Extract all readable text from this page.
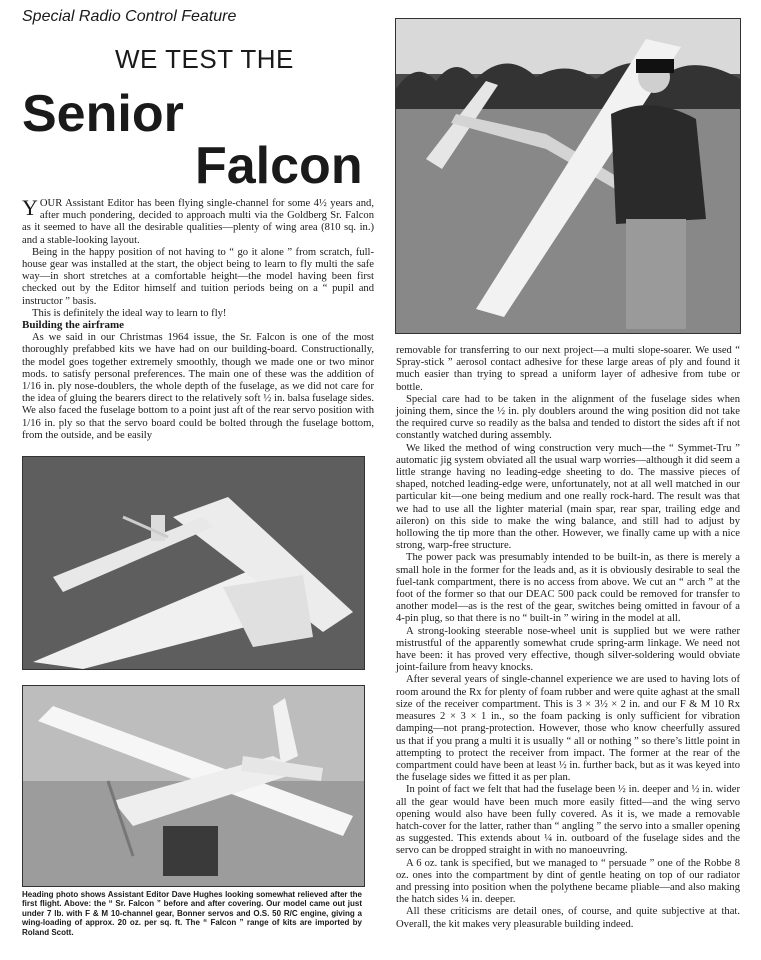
Special Radio Control Feature
WE TEST THE
Senior
Falcon
Y OUR Assistant Editor has been flying single-channel for some 4½ years and, after much pondering, decided to approach multi via the Goldberg Sr. Falcon as it seemed to have all the desirable qualities—plenty of wing area (810 sq. in.) and a stable-looking layout.

Being in the happy position of not having to “ go it alone ” from scratch, full-house gear was installed at the start, the object being to learn to fly multi the safe way—in short stretches at a comfortable height—the model having been first checked out by the Editor himself and tuition periods being on a “ pupil and instructor ” basis.

This is definitely the ideal way to learn to fly!

Building the airframe

As we said in our Christmas 1964 issue, the Sr. Falcon is one of the most thoroughly prefabbed kits we have had on our building-board. Constructionally, the model goes together extremely smoothly, though we made one or two minor mods. to satisfy personal preferences. The main one of these was the addition of 1/16 in. ply nose-doublers, the whole depth of the fuselage, as we did not care for the idea of gluing the bearers direct to the relatively soft ½ in. balsa fuselage sides. We also faced the fuselage bottom to a point just aft of the rear servo position with 1/16 in. ply so that the servo board could be bolted through the fuselage bottom, from the outside, and be easily

removable for transferring to our next project—a multi slope-soarer. We used “ Spray-stick ” aerosol contact adhesive for these large areas of ply and found it much easier than trying to spread a uniform layer of adhesive from tube or bottle.

Special care had to be taken in the alignment of the fuselage sides when joining them, since the ½ in. ply doublers around the wing position did not take the required curve so readily as the balsa and tended to distort the sides aft if not constantly watched during assembly.

We liked the method of wing construction very much—the “ Symmet-Tru ” automatic jig system obviated all the usual warp worries—although it did seem a little strange having no leading-edge sheeting to do. The massive pieces of shaped, notched leading-edge were, unfortunately, not at all well matched in our particular kit—one being medium and one really rock-hard. The result was that we had to use all the lighter material (main spar, rear spar, trailing edge and aileron) on this side to make the wing balance, and still had to adjust by hollowing the tip more than the other. However, we finally came up with a nice strong, warp-free structure.

The power pack was presumably intended to be built-in, as there is merely a small hole in the former for the leads and, as it is obviously desirable to seal the fuel-tank compartment, there is no access from above. We cut an “ arch ” at the foot of the former so that our DEAC 500 pack could be removed for transfer to another model—as is the rest of the gear, switches being omitted in favour of a 4-pin plug, so that there is no “ built-in ” wiring in the model at all.

A strong-looking steerable nose-wheel unit is supplied but we were rather mistrustful of the apparently somewhat crude spring-arm linkage. We need not have been: it has proved very effective, though silver-soldering would obviate joint-failure from heavy knocks.

After several years of single-channel experience we are used to having lots of room around the Rx for plenty of foam rubber and were quite aghast at the small size of the receiver compartment. This is 3 × 3½ × 2 in. and our F & M 10 Rx measures 2 × 3 × 1 in., so the foam packing is only sufficient for vibration damping—not prang-protection. However, those who know cheerfully assured us that if you prang a multi it is usually “ all or nothing ” so there’s little point in attempting to protect the receiver from impact. The former at the rear of the compartment could have been at least ½ in. further back, but as it was keyed into the fuselage sides we fitted it as per plan.

In point of fact we felt that had the fuselage been ½ in. deeper and ½ in. wider all the gear would have been much more easily fitted—and the wing servo opening would also have been fully covered. As it is, we made a removable hatch-cover for the latter, rather than “ angling ” the servo into a smaller opening as suggested. This extends about ¼ in. outboard of the fuselage sides and the servo can be dropped straight in with no manoeuvring.

A 6 oz. tank is specified, but we managed to “ persuade ” one of the Robbe 8 oz. ones into the compartment by dint of gentle heating on top of our radiator and pressing into position when the polythene became pliable—and also making the hatch sides ¼ in. deeper.

All these criticisms are detail ones, of course, and quite subjective at that. Overall, the kit makes very pleasurable building indeed.

Heading photo shows Assistant Editor Dave Hughes looking somewhat relieved after the first flight. Above: the “ Sr. Falcon ” before and after covering. Our model came out just under 7 lb. with F & M 10-channel gear, Bonner servos and O.S. 50 R/C engine, giving a wing-loading of approx. 20 oz. per sq. ft. The “ Falcon ” range of kits are imported by Roland Scott.
